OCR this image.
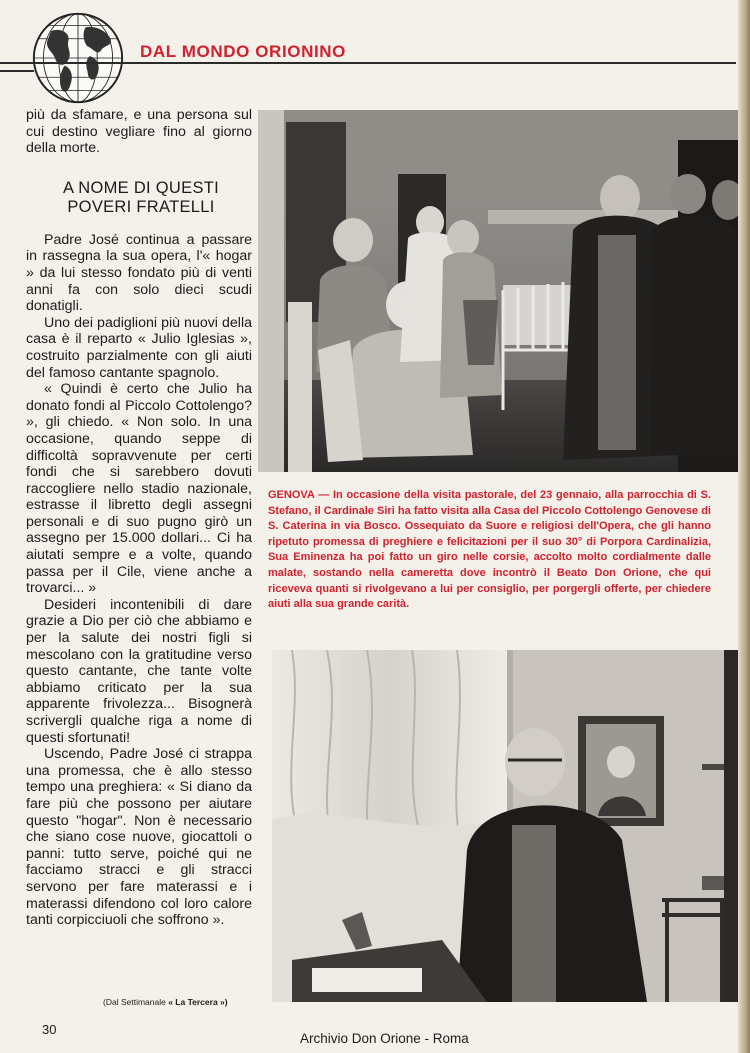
DAL MONDO ORIONINO

più da sfamare, e una persona sul cui destino vegliare fino al giorno della morte.

A NOME DI QUESTI
POVERI FRATELLI

Padre José continua a passare in rassegna la sua opera, l'« hogar » da lui stesso fondato più di venti anni fa con solo dieci scudi donatigli.

Uno dei padiglioni più nuovi della casa è il reparto « Julio Iglesias », costruito parzialmente con gli aiuti del famoso cantante spagnolo.

« Quindi è certo che Julio ha donato fondi al Piccolo Cottolengo? », gli chiedo. « Non solo. In una occasione, quando seppe di difficoltà sopravvenute per certi fondi che si sarebbero dovuti raccogliere nello stadio nazionale, estrasse il libretto degli assegni personali e di suo pugno girò un assegno per 15.000 dollari... Ci ha aiutati sempre e a volte, quando passa per il Cile, viene anche a trovarci... »

Desideri incontenibili di dare grazie a Dio per ciò che abbiamo e per la salute dei nostri figli si mescolano con la gratitudine verso questo cantante, che tante volte abbiamo criticato per la sua apparente frivolezza... Bisognerà scrivergli qualche riga a nome di questi sfortunati!

Uscendo, Padre José ci strappa una promessa, che è allo stesso tempo una preghiera: « Si diano da fare più che possono per aiutare questo "hogar". Non è necessario che siano cose nuove, giocattoli o panni: tutto serve, poiché qui ne facciamo stracci e gli stracci servono per fare materassi e i materassi difendono col loro calore tanti corpicciuoli che soffrono ».

(Dal Settimanale « La Tercera »)
GENOVA — In occasione della visita pastorale, del 23 gennaio, alla parrocchia di S. Stefano, il Cardinale Siri ha fatto visita alla Casa del Piccolo Cottolengo Genovese di S. Caterina in via Bosco. Ossequiato da Suore e religiosi dell'Opera, che gli hanno ripetuto promessa di preghiere e felicitazioni per il suo 30° di Porpora Cardinalizia, Sua Eminenza ha poi fatto un giro nelle corsie, accolto molto cordialmente dalle malate, sostando nella cameretta dove incontrò il Beato Don Orione, che qui riceveva quanti si rivolgevano a lui per consiglio, per porgergli offerte, per chiedere aiuti alla sua grande carità.
30
Archivio Don Orione - Roma
